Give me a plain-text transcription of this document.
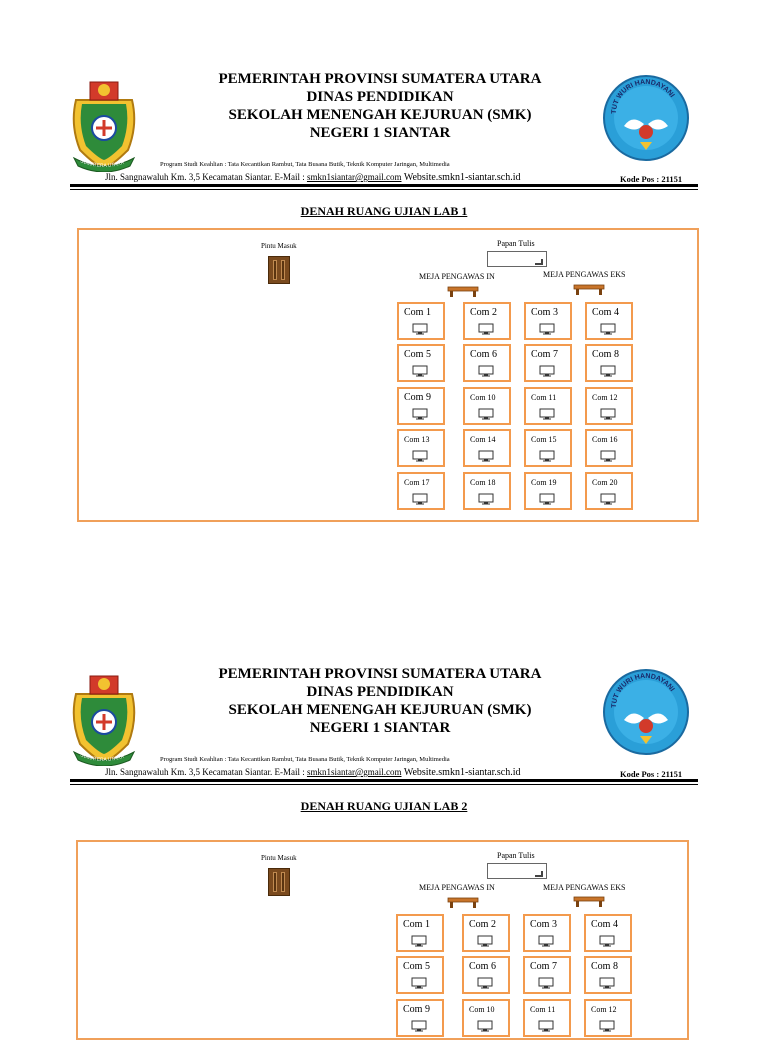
SUMATERA UTARA
PEMERINTAH PROVINSI SUMATERA UTARA
DINAS PENDIDIKAN
SEKOLAH MENENGAH KEJURUAN (SMK)
NEGERI 1 SIANTAR
TUT WURI HANDAYANI
Program Studi Keahlian : Tata Kecantikan Rambut, Tata Busana Butik, Teknik Komputer Jaringan, Multimedia
Jln. Sangnawaluh Km. 3,5 Kecamatan Siantar. E-Mail : smkn1siantar@gmail.com Website.smkn1-siantar.sch.id	Kode Pos : 21151
DENAH RUANG UJIAN LAB 1
Pintu Masuk	Papan Tulis
MEJA PENGAWAS IN	MEJA PENGAWAS EKS
Com 1	Com 2	Com 3	Com 4
Com 5	Com 6	Com 7	Com 8
Com 9	Com 10	Com 11	Com 12
Com 13	Com 14	Com 15	Com 16
Com 17	Com 18	Com 19	Com 20
SUMATERA UTARA
PEMERINTAH PROVINSI SUMATERA UTARA
DINAS PENDIDIKAN
SEKOLAH MENENGAH KEJURUAN (SMK)
NEGERI 1 SIANTAR
TUT WURI HANDAYANI
Program Studi Keahlian : Tata Kecantikan Rambut, Tata Busana Butik, Teknik Komputer Jaringan, Multimedia
Jln. Sangnawaluh Km. 3,5 Kecamatan Siantar. E-Mail : smkn1siantar@gmail.com Website.smkn1-siantar.sch.id	Kode Pos : 21151
DENAH RUANG UJIAN LAB 2
Pintu Masuk	Papan Tulis
MEJA PENGAWAS IN	MEJA PENGAWAS EKS
Com 1	Com 2	Com 3	Com 4
Com 5	Com 6	Com 7	Com 8
Com 9	Com 10	Com 11	Com 12
